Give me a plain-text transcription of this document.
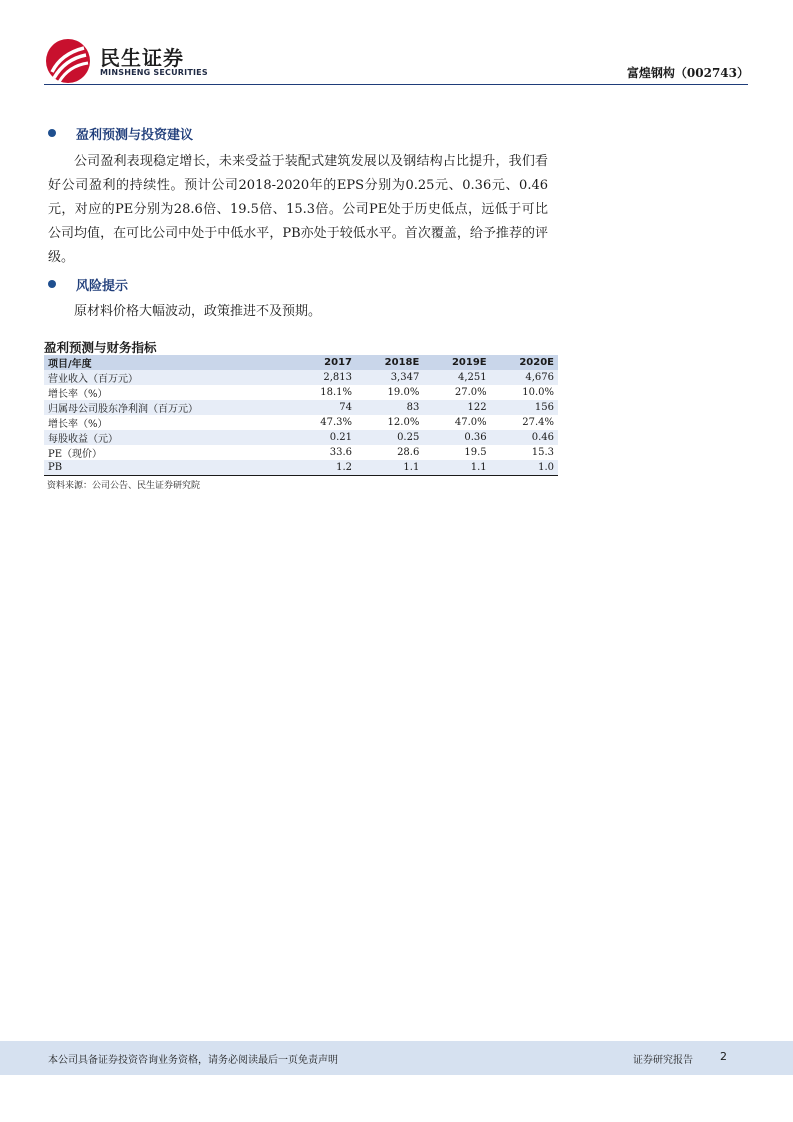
民生证券
MINSHENG SECURITIES	富煌钢构（002743）
盈利预测与投资建议

公司盈利表现稳定增长，未来受益于装配式建筑发展以及钢结构占比提升，我们看好公司盈利的持续性。预计公司2018-2020年的EPS分别为0.25元、0.36元、0.46元，对应的PE分别为28.6倍、19.5倍、15.3倍。公司PE处于历史低点，远低于可比公司均值，在可比公司中处于中低水平，PB亦处于较低水平。首次覆盖，给予推荐的评级。

风险提示

原材料价格大幅波动，政策推进不及预期。

盈利预测与财务指标
项目/年度	2017	2018E	2019E	2020E
营业收入（百万元）	2,813	3,347	4,251	4,676
增长率（%）	18.1%	19.0%	27.0%	10.0%
归属母公司股东净利润（百万元）	74	83	122	156
增长率（%）	47.3%	12.0%	47.0%	27.4%
每股收益（元）	0.21	0.25	0.36	0.46
PE（现价）	33.6	28.6	19.5	15.3
PB	1.2	1.1	1.1	1.0
资料来源：公司公告、民生证券研究院
本公司具备证券投资咨询业务资格，请务必阅读最后一页免责声明	证券研究报告 2
